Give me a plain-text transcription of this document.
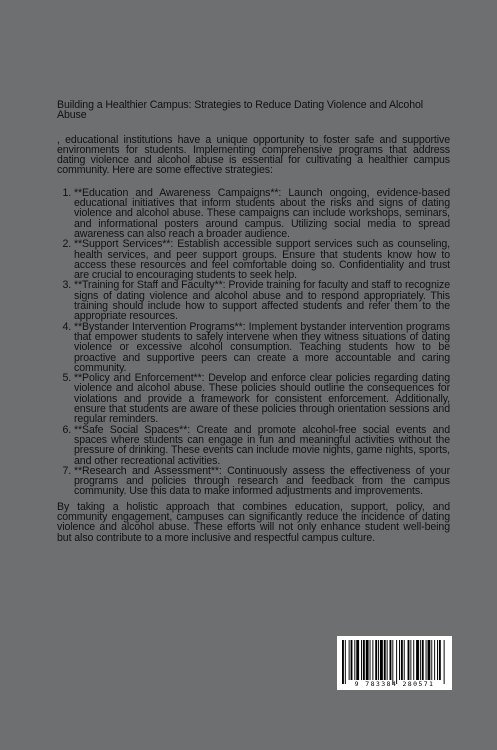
Building a Healthier Campus: Strategies to Reduce Dating Violence and Alcohol Abuse

, educational institutions have a unique opportunity to foster safe and supportive environments for students. Implementing comprehensive programs that address dating violence and alcohol abuse is essential for cultivating a healthier campus community. Here are some effective strategies:

1. **Education and Awareness Campaigns**: Launch ongoing, evidence-based educational initiatives that inform students about the risks and signs of dating violence and alcohol abuse. These campaigns can include workshops, seminars, and informational posters around campus. Utilizing social media to spread awareness can also reach a broader audience.
2. **Support Services**: Establish accessible support services such as counseling, health services, and peer support groups. Ensure that students know how to access these resources and feel comfortable doing so. Confidentiality and trust are crucial to encouraging students to seek help.
3. **Training for Staff and Faculty**: Provide training for faculty and staff to recognize signs of dating violence and alcohol abuse and to respond appropriately. This training should include how to support affected students and refer them to the appropriate resources.
4. **Bystander Intervention Programs**: Implement bystander intervention programs that empower students to safely intervene when they witness situations of dating violence or excessive alcohol consumption. Teaching students how to be proactive and supportive peers can create a more accountable and caring community.
5. **Policy and Enforcement**: Develop and enforce clear policies regarding dating violence and alcohol abuse. These policies should outline the consequences for violations and provide a framework for consistent enforcement. Additionally, ensure that students are aware of these policies through orientation sessions and regular reminders.
6. **Safe Social Spaces**: Create and promote alcohol-free social events and spaces where students can engage in fun and meaningful activities without the pressure of drinking. These events can include movie nights, game nights, sports, and other recreational activities.
7. **Research and Assessment**: Continuously assess the effectiveness of your programs and policies through research and feedback from the campus community. Use this data to make informed adjustments and improvements.

By taking a holistic approach that combines education, support, policy, and community engagement, campuses can significantly reduce the incidence of dating violence and alcohol abuse. These efforts will not only enhance student well-being but also contribute to a more inclusive and respectful campus culture.

9 783384 280571
